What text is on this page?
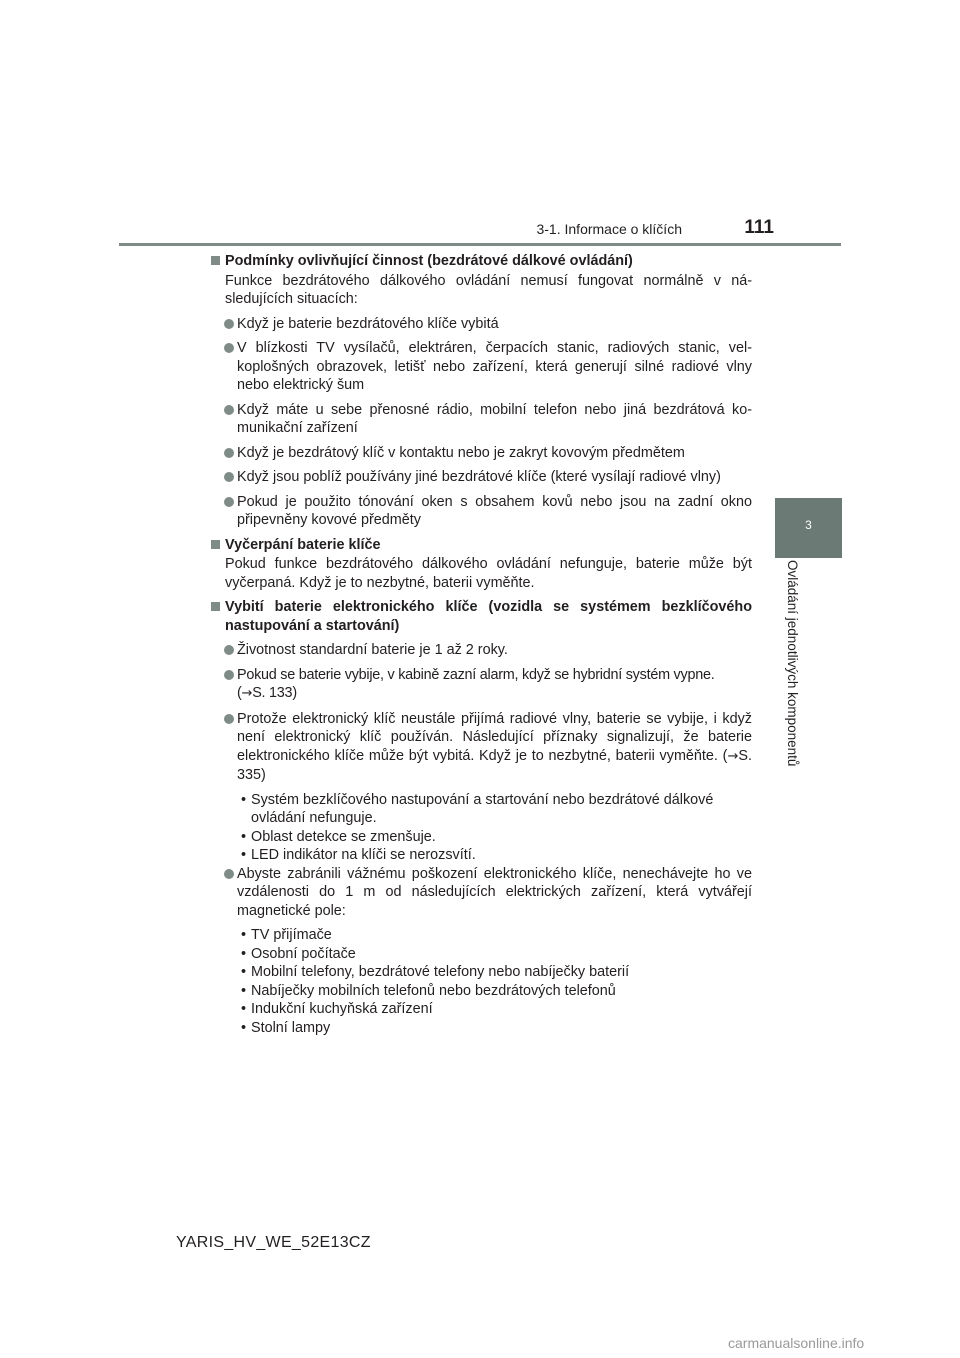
3-1. Informace o klíčích	111
3
Ovládání jednotlivých komponentů
Podmínky ovlivňující činnost (bezdrátové dálkové ovládání)
Funkce bezdrátového dálkového ovládání nemusí fungovat normálně v následujících situacích:
Když je baterie bezdrátového klíče vybitá
V blízkosti TV vysílačů, elektráren, čerpacích stanic, radiových stanic, velkoplošných obrazovek, letišť nebo zařízení, která generují silné radiové vlny nebo elektrický šum
Když máte u sebe přenosné rádio, mobilní telefon nebo jiná bezdrátová komunikační zařízení
Když je bezdrátový klíč v kontaktu nebo je zakryt kovovým předmětem
Když jsou poblíž používány jiné bezdrátové klíče (které vysílají radiové vlny)
Pokud je použito tónování oken s obsahem kovů nebo jsou na zadní okno připevněny kovové předměty
Vyčerpání baterie klíče
Pokud funkce bezdrátového dálkového ovládání nefunguje, baterie může být vyčerpaná. Když je to nezbytné, baterii vyměňte.
Vybití baterie elektronického klíče (vozidla se systémem bezklíčového nastupování a startování)
Životnost standardní baterie je 1 až 2 roky.
Pokud se baterie vybije, v kabině zazní alarm, když se hybridní systém vypne.
(→S. 133)
Protože elektronický klíč neustále přijímá radiové vlny, baterie se vybije, i když není elektronický klíč používán. Následující příznaky signalizují, že baterie elektronického klíče může být vybitá. Když je to nezbytné, baterii vyměňte. (→S. 335)
• Systém bezklíčového nastupování a startování nebo bezdrátové dálkové ovládání nefunguje.
• Oblast detekce se zmenšuje.
• LED indikátor na klíči se nerozsvítí.
Abyste zabránili vážnému poškození elektronického klíče, nenechávejte ho ve vzdálenosti do 1 m od následujících elektrických zařízení, která vytvářejí magnetické pole:
• TV přijímače
• Osobní počítače
• Mobilní telefony, bezdrátové telefony nebo nabíječky baterií
• Nabíječky mobilních telefonů nebo bezdrátových telefonů
• Indukční kuchyňská zařízení
• Stolní lampy
YARIS_HV_WE_52E13CZ
carmanualsonline.info
